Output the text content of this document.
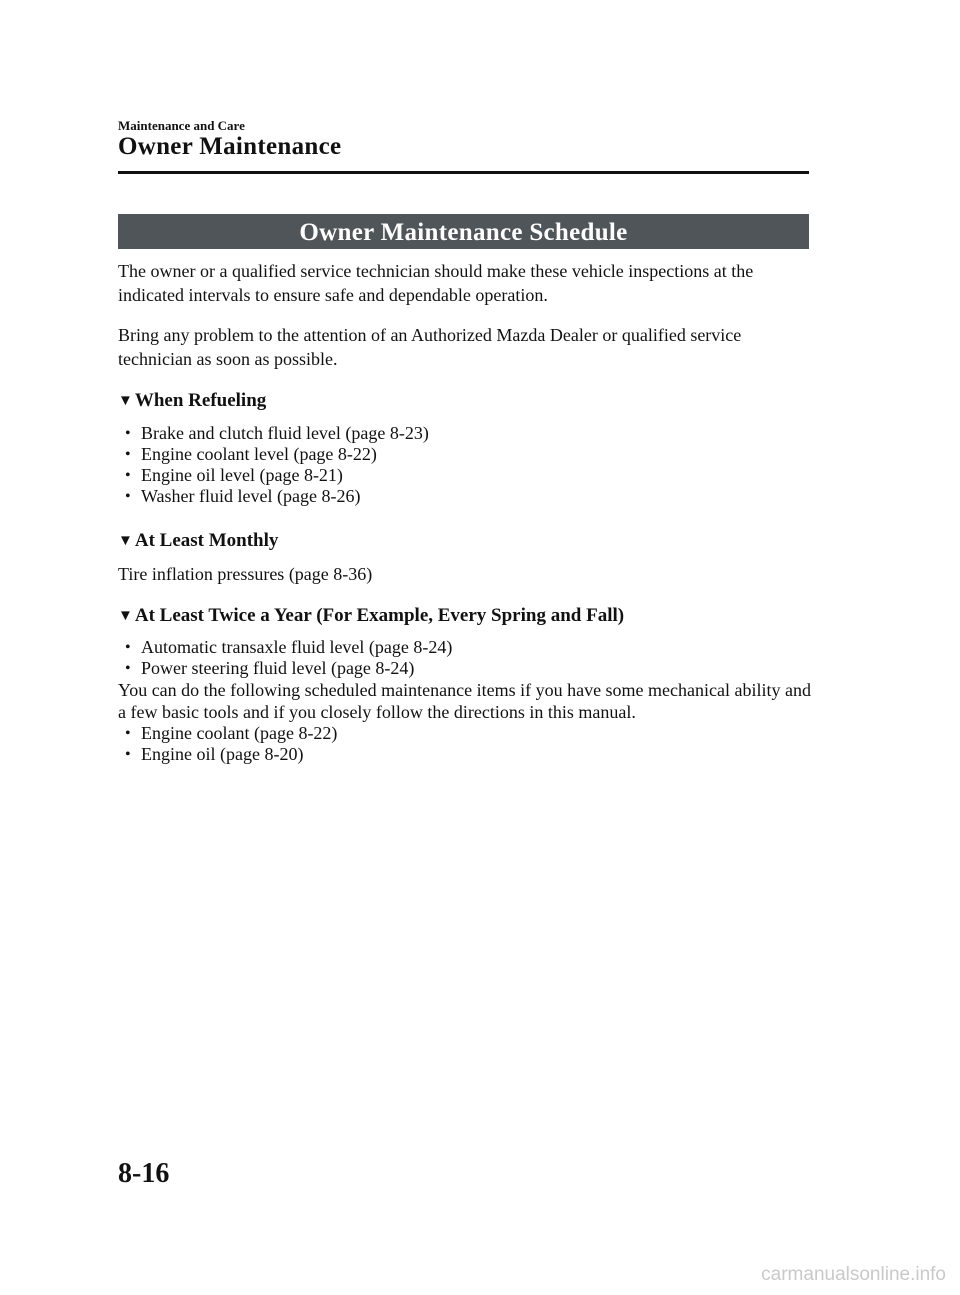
Maintenance and Care
Owner Maintenance
Owner Maintenance Schedule

The owner or a qualified service technician should make these vehicle inspections at the indicated intervals to ensure safe and dependable operation.

Bring any problem to the attention of an Authorized Mazda Dealer or qualified service technician as soon as possible.

▼ When Refueling

• Brake and clutch fluid level (page 8-23)
• Engine coolant level (page 8-22)
• Engine oil level (page 8-21)
• Washer fluid level (page 8-26)

▼ At Least Monthly

Tire inflation pressures (page 8-36)

▼ At Least Twice a Year (For Example, Every Spring and Fall)

• Automatic transaxle fluid level (page 8-24)
• Power steering fluid level (page 8-24)

You can do the following scheduled maintenance items if you have some mechanical ability and a few basic tools and if you closely follow the directions in this manual.

• Engine coolant (page 8-22)
• Engine oil (page 8-20)
8-16
carmanualsonline.info
